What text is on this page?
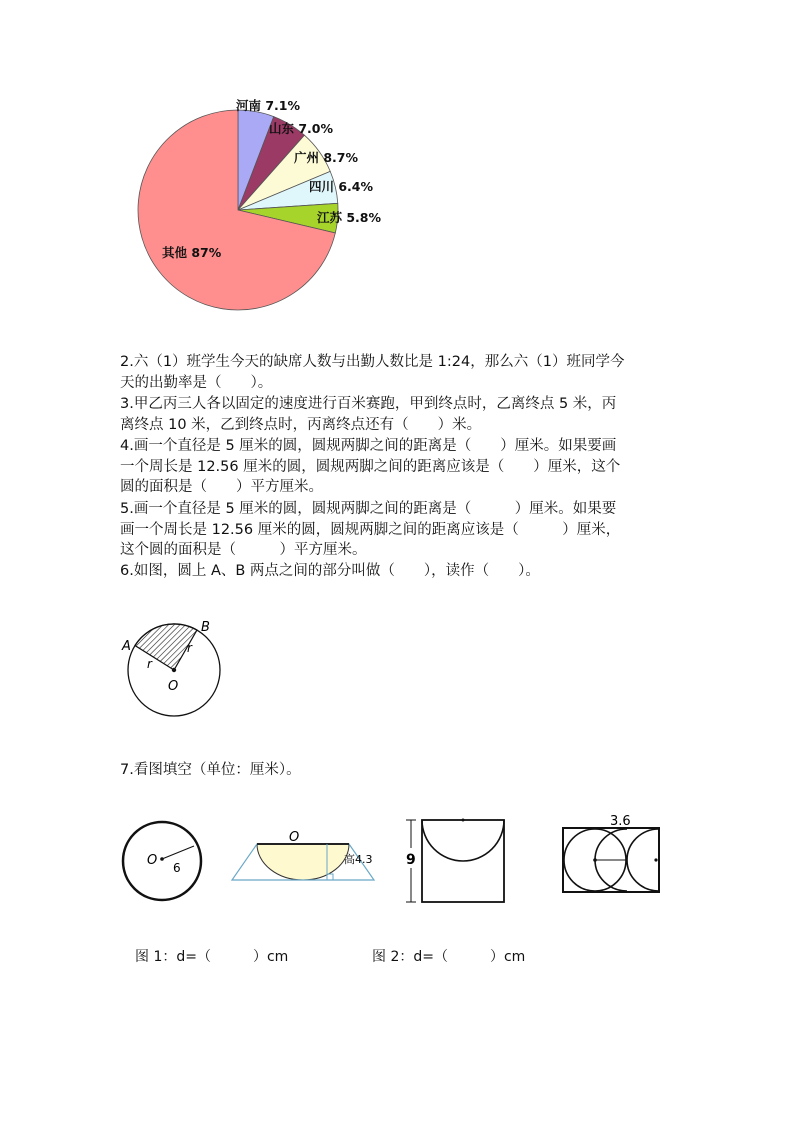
河南 7.1%
山东 7.0%
广州 8.7%
四川 6.4%
江苏 5.8%
其他 87%
2.六（1）班学生今天的缺席人数与出勤人数比是 1:24，那么六（1）班同学今
天的出勤率是（　　）。
3.甲乙丙三人各以固定的速度进行百米赛跑，甲到终点时，乙离终点 5 米，丙
离终点 10 米，乙到终点时，丙离终点还有（　　）米。
4.画一个直径是 5 厘米的圆，圆规两脚之间的距离是（　　）厘米。如果要画
一个周长是 12.56 厘米的圆，圆规两脚之间的距离应该是（　　）厘米，这个
圆的面积是（　　）平方厘米。
5.画一个直径是 5 厘米的圆，圆规两脚之间的距离是（　　　）厘米。如果要
画一个周长是 12.56 厘米的圆，圆规两脚之间的距离应该是（　　　）厘米，
这个圆的面积是（　　　）平方厘米。
6.如图，圆上 A、B 两点之间的部分叫做（　　），读作（　　）。
A
B
r
r
O
7.看图填空（单位：厘米）。
O 6
O
高4.3 9
3.6
图 1：d=（　　　）cm	图 2：d=（　　　）cm
